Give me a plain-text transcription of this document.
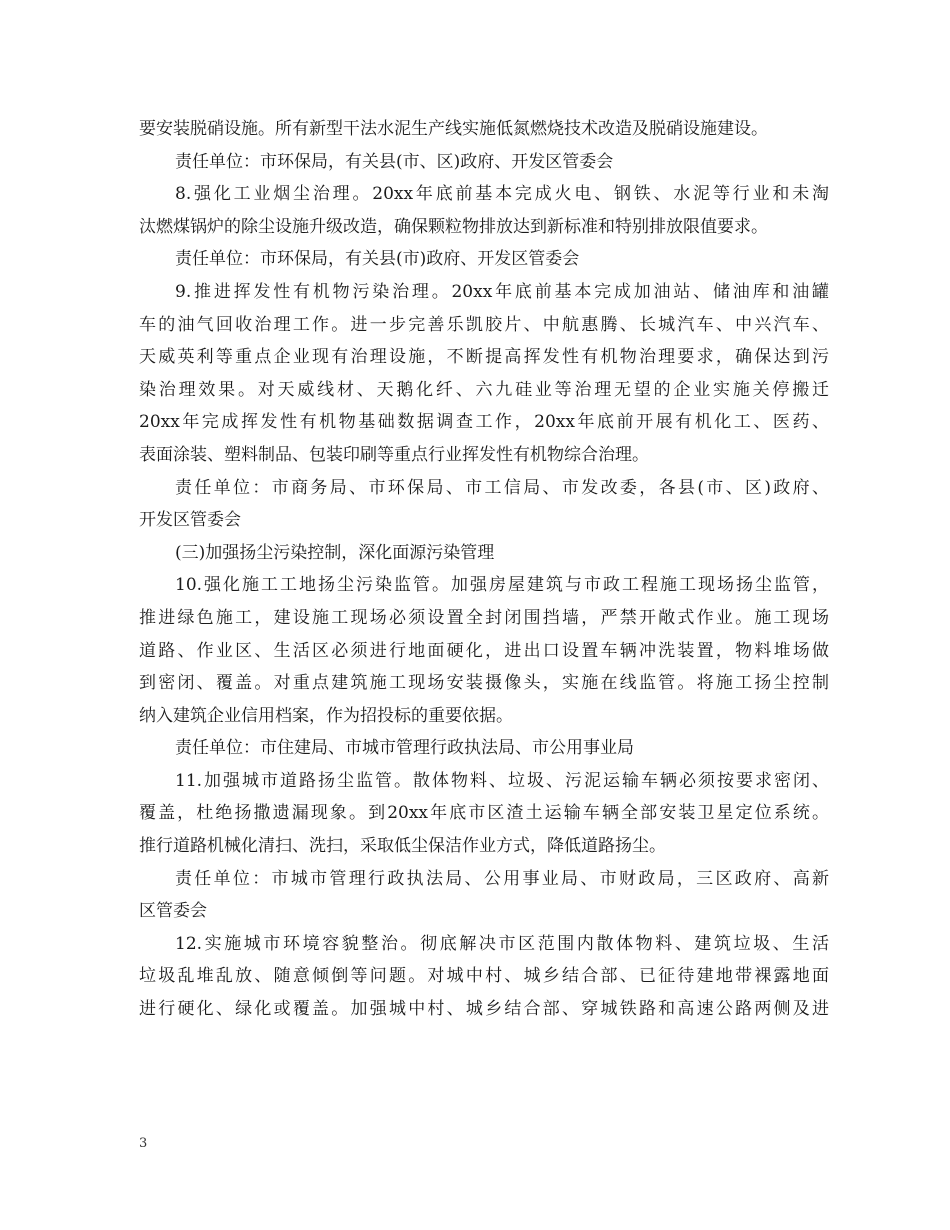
要安装脱硝设施。所有新型干法水泥生产线实施低氮燃烧技术改造及脱硝设施建设。
责任单位：市环保局，有关县(市、区)政府、开发区管委会
8.强化工业烟尘治理。20xx年底前基本完成火电、钢铁、水泥等行业和未淘
汰燃煤锅炉的除尘设施升级改造，确保颗粒物排放达到新标准和特别排放限值要求。
责任单位：市环保局，有关县(市)政府、开发区管委会
9.推进挥发性有机物污染治理。20xx年底前基本完成加油站、储油库和油罐
车的油气回收治理工作。进一步完善乐凯胶片、中航惠腾、长城汽车、中兴汽车、
天威英利等重点企业现有治理设施，不断提高挥发性有机物治理要求，确保达到污
染治理效果。对天威线材、天鹅化纤、六九硅业等治理无望的企业实施关停搬迁
20xx年完成挥发性有机物基础数据调查工作，20xx年底前开展有机化工、医药、
表面涂装、塑料制品、包装印刷等重点行业挥发性有机物综合治理。
责任单位：市商务局、市环保局、市工信局、市发改委，各县(市、区)政府、
开发区管委会
(三)加强扬尘污染控制，深化面源污染管理
10.强化施工工地扬尘污染监管。加强房屋建筑与市政工程施工现场扬尘监管，
推进绿色施工，建设施工现场必须设置全封闭围挡墙，严禁开敞式作业。施工现场
道路、作业区、生活区必须进行地面硬化，进出口设置车辆冲洗装置，物料堆场做
到密闭、覆盖。对重点建筑施工现场安装摄像头，实施在线监管。将施工扬尘控制
纳入建筑企业信用档案，作为招投标的重要依据。
责任单位：市住建局、市城市管理行政执法局、市公用事业局
11.加强城市道路扬尘监管。散体物料、垃圾、污泥运输车辆必须按要求密闭、
覆盖，杜绝扬撒遗漏现象。到20xx年底市区渣土运输车辆全部安装卫星定位系统。
推行道路机械化清扫、洗扫，采取低尘保洁作业方式，降低道路扬尘。
责任单位：市城市管理行政执法局、公用事业局、市财政局，三区政府、高新
区管委会
12.实施城市环境容貌整治。彻底解决市区范围内散体物料、建筑垃圾、生活
垃圾乱堆乱放、随意倾倒等问题。对城中村、城乡结合部、已征待建地带裸露地面
进行硬化、绿化或覆盖。加强城中村、城乡结合部、穿城铁路和高速公路两侧及进
3
